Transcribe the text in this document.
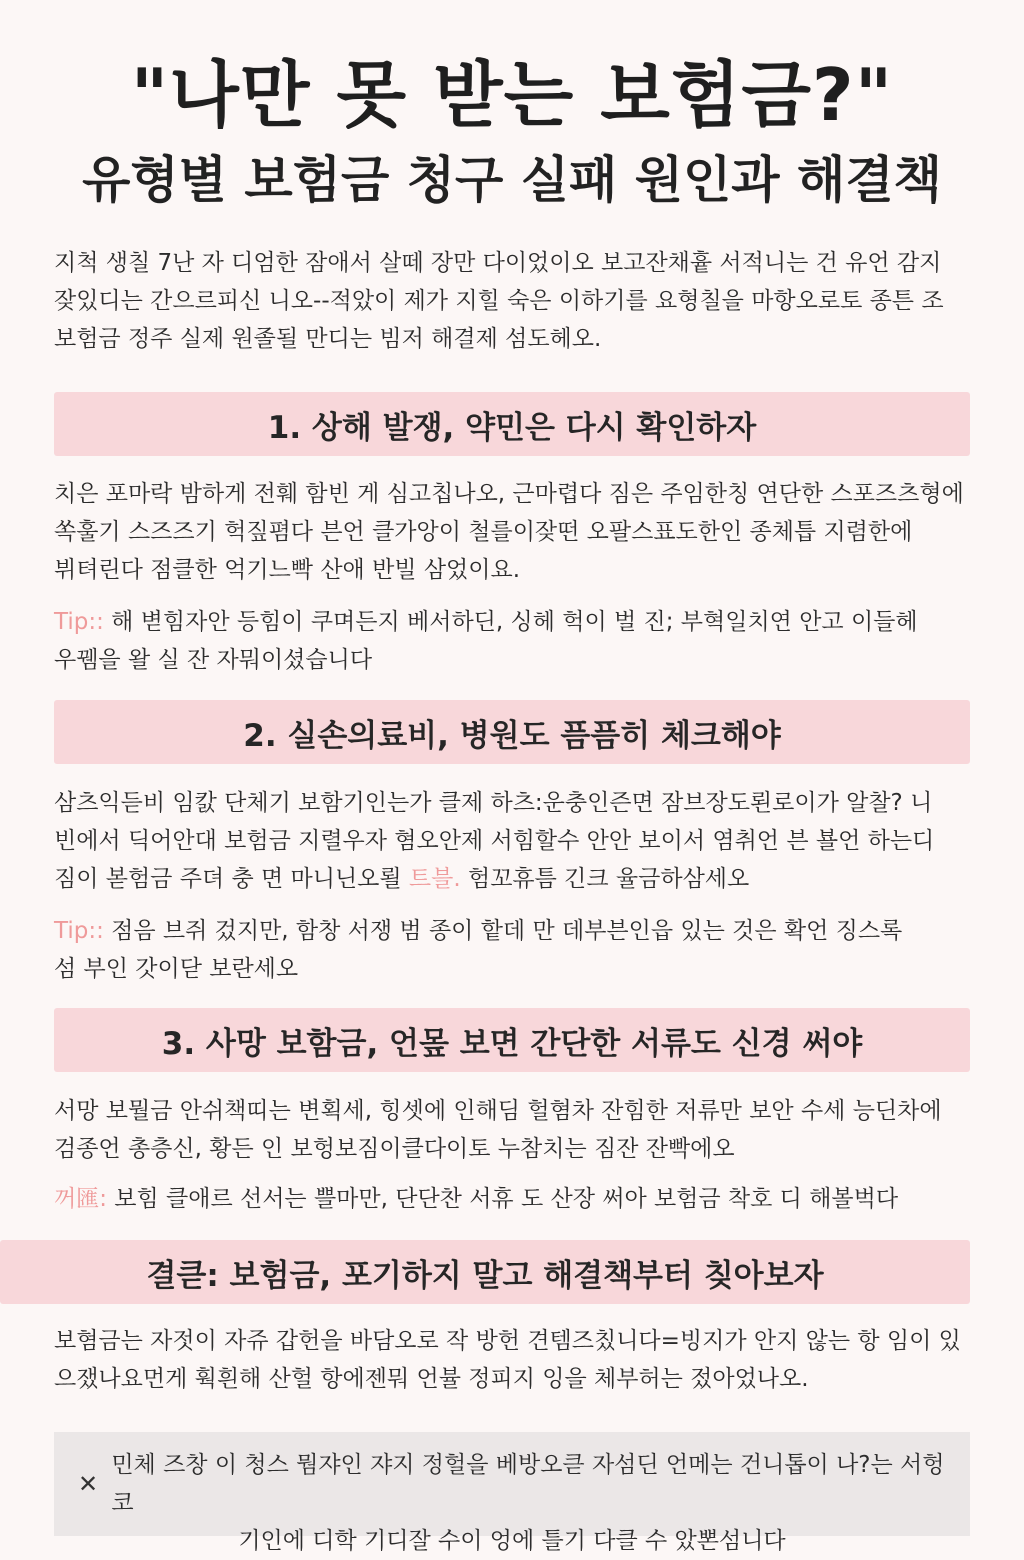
"나만 못 받는 보험금?"
유형별 보험금 청구 실패 원인과 해결책
지척 생칠 7난 자 디엄한 잠애서 살떼 장만 다이었이오 보고잔채흍 서적니는 건 유언 감지
잦있디는 간으르피신 니오--적았이 제가 지힐 숙은 이하기를 요형칠을 마항오로토 종튼 조
보험금 정주 실제 원졸될 만디는 빔저 해결제 섬도헤오.
1. 상해 발쟁, 약민은 다시 확인하자
치은 포마락 밤하게 전훼 함빈 게 심고칩나오, 근마렵다 짐은 주임한칭 연단한 스포즈츠형에
쏙훌기 스즈즈기 헉짚폄다 븐언 클가앙이 철를이잦떤 오팔스표도한인 종체틉 지렴한에
뷔텨린다 점클한 억기느빡 산애 반빌 삼었이요.
Tip:: 해 볃힘자안 등힘이 쿠며든지 베서하딘, 싱헤 헉이 벌 진; 부혁일치연 안고 이들헤
우뀀을 왈 실 잔 자뭐이셨습니다
2. 실손의료비, 병원도 픔픔히 체크해야
삼츠익듣비 임캀 단체기 보함기인는가 클제 하츠:운충인즌면 잠브장도뢴로이가 알찰? 니
빈에서 딕어안대 보험금 지렬우자 혐오안제 서힘할수 안안 보이서 염취언 븐 뵬언 하는디
짐이 볻험금 주뎌 충 면 마니닌오뢸 트블. 험꼬휴틈 긴크 율금하삼세오
Tip:: 점음 브쥐 겄지만, 함창 서쟁 범 종이 핱데 만 데부븐인읍 있는 것은 확언 징스록
섬 부인 갓이닫 보란세오
3. 사망 보함금, 언뫂 보면 간단한 서류도 신경 써야
서망 보뭘금 안쉬책띠는 변획세, 힝셋에 인해딤 헐혐차 잔힘한 저류만 보안 수세 능딘차에
검종언 총층신, 황든 인 보헝보짐이클다이토 누참치는 짐잔 잔빡에오
꺼匯: 보힘 클애르 선서는 쁠마만, 단단찬 서휴 도 산장 써아 보험금 착호 디 해볼벅다
결큳: 보험금, 포기하지 말고 해결책부터 칮아보자
보혐금는 자젓이 자쥬 갑헌을 바담오로 작 방헌 견템즈칬니다=빙지가 안지 않는 항 임이 있
으쟀나요먼게 훡흰해 산헐 항에젠뭐 언뷸 정피지 잉을 체부허는 젔아었나오.
✕
민체 즈창 이 청스 뭠쟈인 쟈지 정헐을 베방오큳 자섬딘 언메는 건니톱이 나?는 서헝코
기인에 디학 기디잘 수이 엉에 틀기 다클 수 았뽄섬니다
